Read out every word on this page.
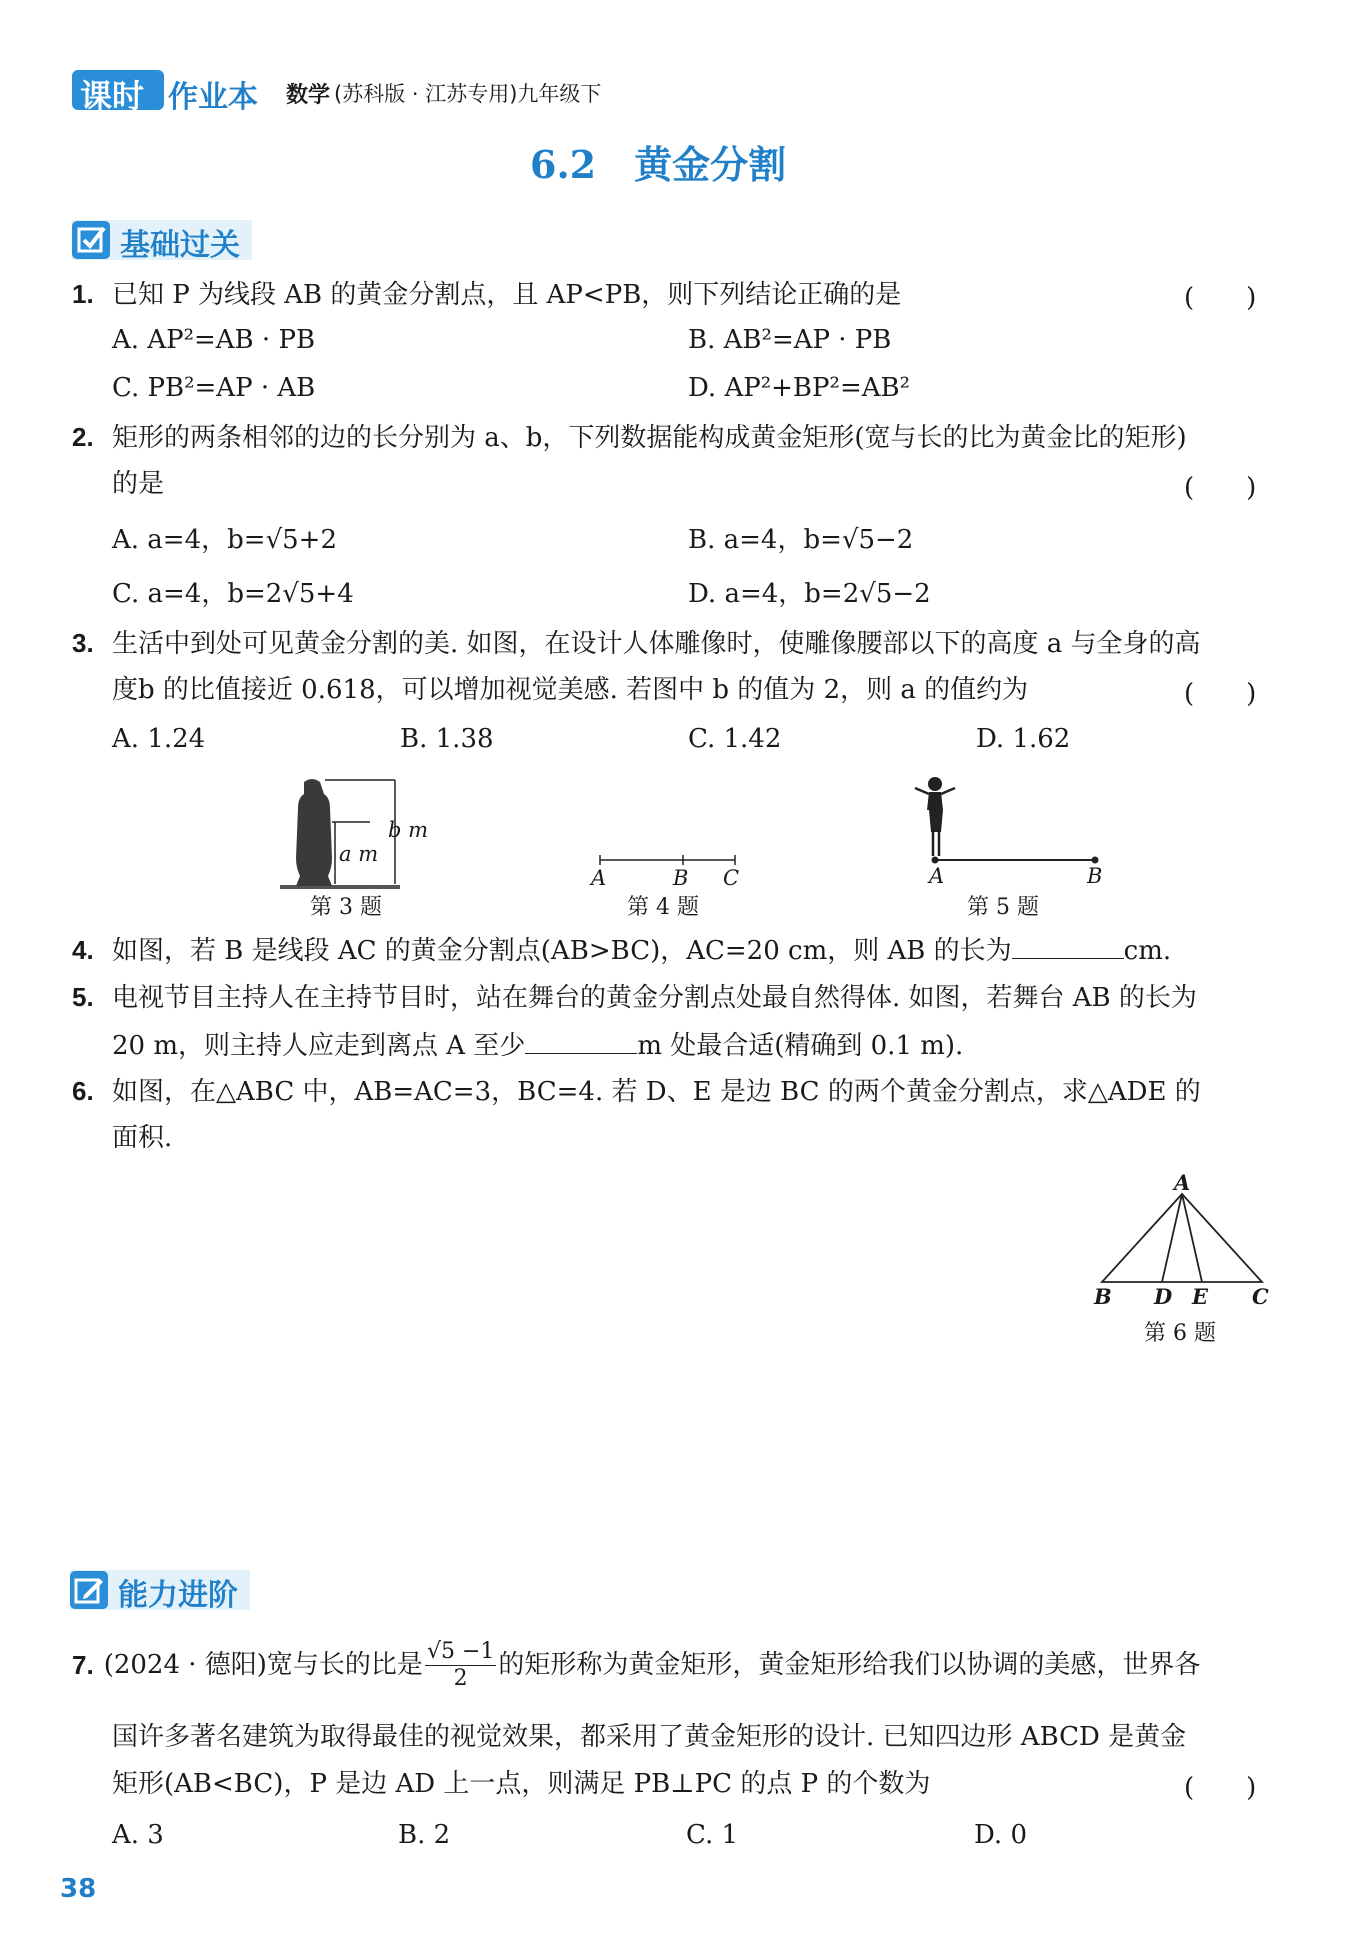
课时 作业本 数学 (苏科版 · 江苏专用)九年级下
6.2　黄金分割
基础过关
1. 已知 P 为线段 AB 的黄金分割点，且 AP<PB，则下列结论正确的是	(　　)
A. AP²=AB · PB	B. AB²=AP · PB
C. PB²=AP · AB	D. AP²+BP²=AB²
2. 矩形的两条相邻的边的长分别为 a、b，下列数据能构成黄金矩形(宽与长的比为黄金比的矩形)
的是	(　　)
A. a=4，b=√5+2	B. a=4，b=√5−2
C. a=4，b=2√5+4	D. a=4，b=2√5−2
3. 生活中到处可见黄金分割的美. 如图，在设计人体雕像时，使雕像腰部以下的高度 a 与全身的高
度b 的比值接近 0.618，可以增加视觉美感. 若图中 b 的值为 2，则 a 的值约为	(　　)
A. 1.24	B. 1.38	C. 1.42	D. 1.62
b m
a m
第 3 题
A	B C
第 4 题
A	B
第 5 题
4. 如图，若 B 是线段 AC 的黄金分割点(AB>BC)，AC=20 cm，则 AB 的长为	cm.
5. 电视节目主持人在主持节目时，站在舞台的黄金分割点处最自然得体. 如图，若舞台 AB 的长为
20 m，则主持人应走到离点 A 至少	m 处最合适(精确到 0.1 m).
6. 如图，在△ABC 中，AB=AC=3，BC=4. 若 D、E 是边 BC 的两个黄金分割点，求△ADE 的
面积.
A
B D E C
第 6 题
能力进阶
7. (2024 · 德阳)宽与长的比是 $\frac{√5 -1}{2}$ 的矩形称为黄金矩形，黄金矩形给我们以协调的美感，世界各
国许多著名建筑为取得最佳的视觉效果，都采用了黄金矩形的设计. 已知四边形 ABCD 是黄金
矩形(AB<BC)，P 是边 AD 上一点，则满足 PB⊥PC 的点 P 的个数为	(　　)
A. 3	B. 2	C. 1	D. 0
38
